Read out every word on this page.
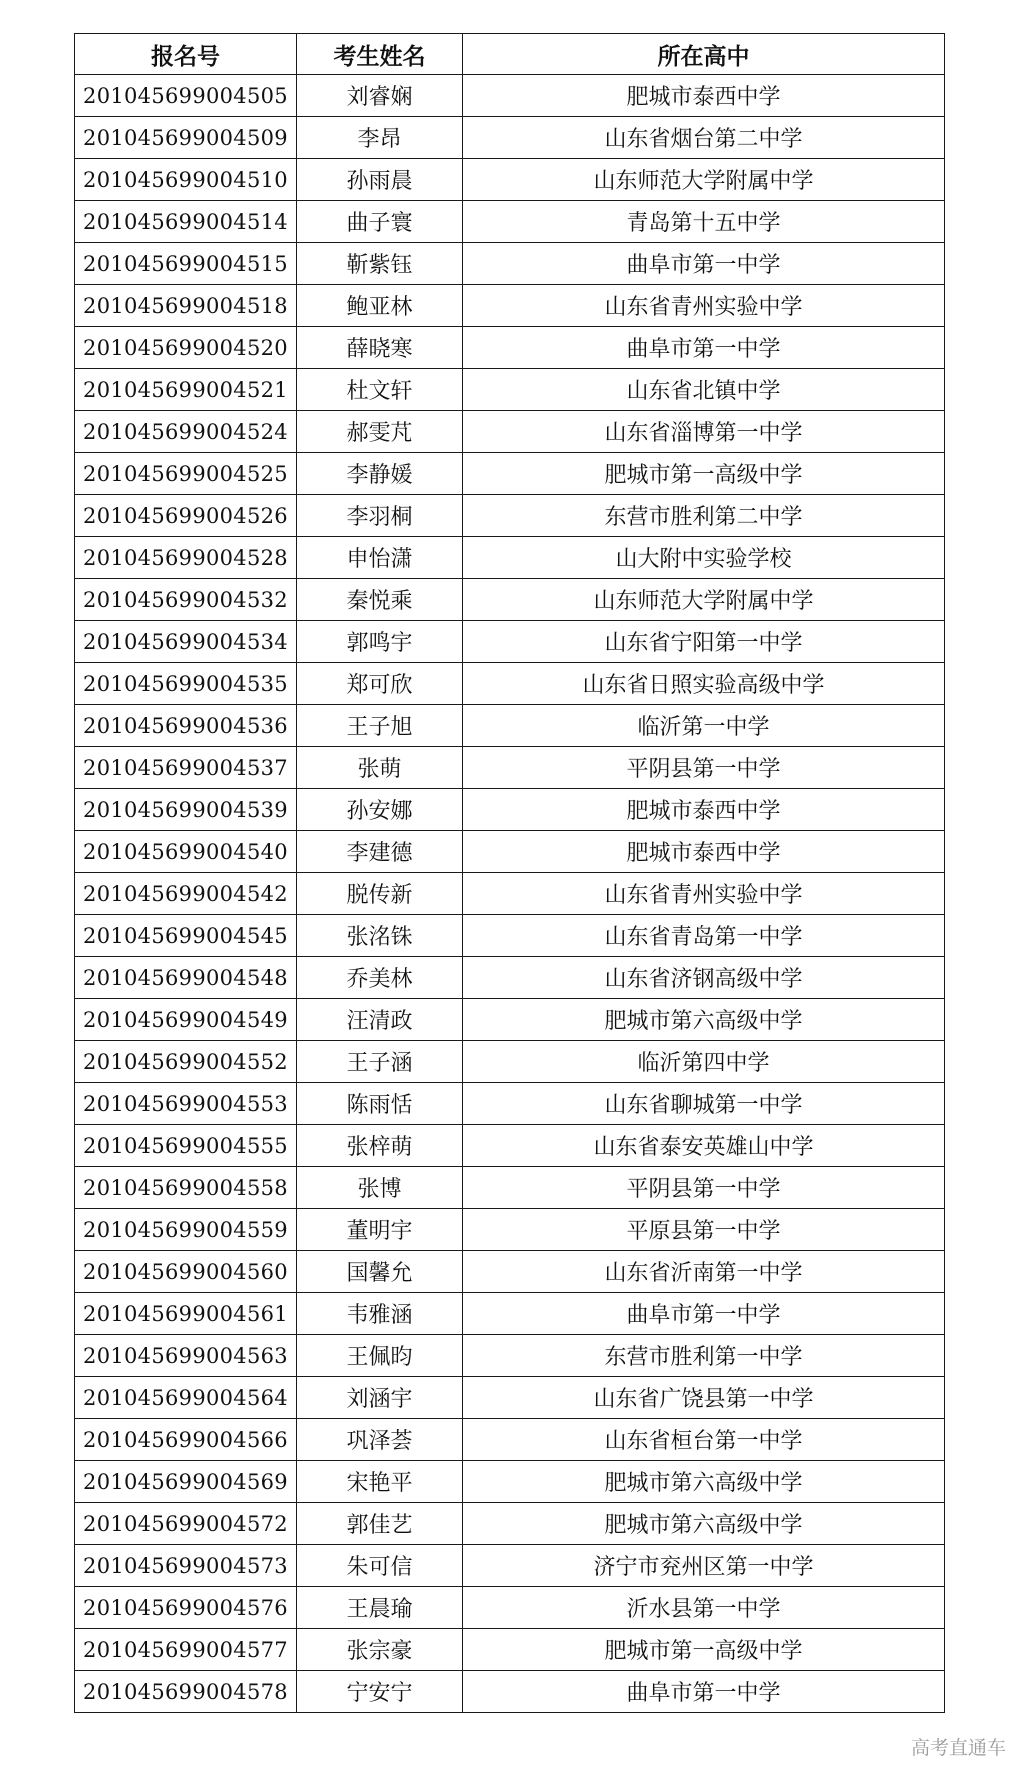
报名号	考生姓名	所在高中
201045699004505	刘睿娴	肥城市泰西中学
201045699004509	李昂	山东省烟台第二中学
201045699004510	孙雨晨	山东师范大学附属中学
201045699004514	曲子寰	青岛第十五中学
201045699004515	靳紫钰	曲阜市第一中学
201045699004518	鲍亚林	山东省青州实验中学
201045699004520	薛晓寒	曲阜市第一中学
201045699004521	杜文轩	山东省北镇中学
201045699004524	郝雯芃	山东省淄博第一中学
201045699004525	李静媛	肥城市第一高级中学
201045699004526	李羽桐	东营市胜利第二中学
201045699004528	申怡潇	山大附中实验学校
201045699004532	秦悦乘	山东师范大学附属中学
201045699004534	郭鸣宇	山东省宁阳第一中学
201045699004535	郑可欣	山东省日照实验高级中学
201045699004536	王子旭	临沂第一中学
201045699004537	张萌	平阴县第一中学
201045699004539	孙安娜	肥城市泰西中学
201045699004540	李建德	肥城市泰西中学
201045699004542	脱传新	山东省青州实验中学
201045699004545	张洺铢	山东省青岛第一中学
201045699004548	乔美林	山东省济钢高级中学
201045699004549	汪清政	肥城市第六高级中学
201045699004552	王子涵	临沂第四中学
201045699004553	陈雨恬	山东省聊城第一中学
201045699004555	张梓萌	山东省泰安英雄山中学
201045699004558	张博	平阴县第一中学
201045699004559	董明宇	平原县第一中学
201045699004560	国馨允	山东省沂南第一中学
201045699004561	韦雅涵	曲阜市第一中学
201045699004563	王佩昀	东营市胜利第一中学
201045699004564	刘涵宇	山东省广饶县第一中学
201045699004566	巩泽荟	山东省桓台第一中学
201045699004569	宋艳平	肥城市第六高级中学
201045699004572	郭佳艺	肥城市第六高级中学
201045699004573	朱可信	济宁市兖州区第一中学
201045699004576	王晨瑜	沂水县第一中学
201045699004577	张宗豪	肥城市第一高级中学
201045699004578	宁安宁	曲阜市第一中学
高考直通车
